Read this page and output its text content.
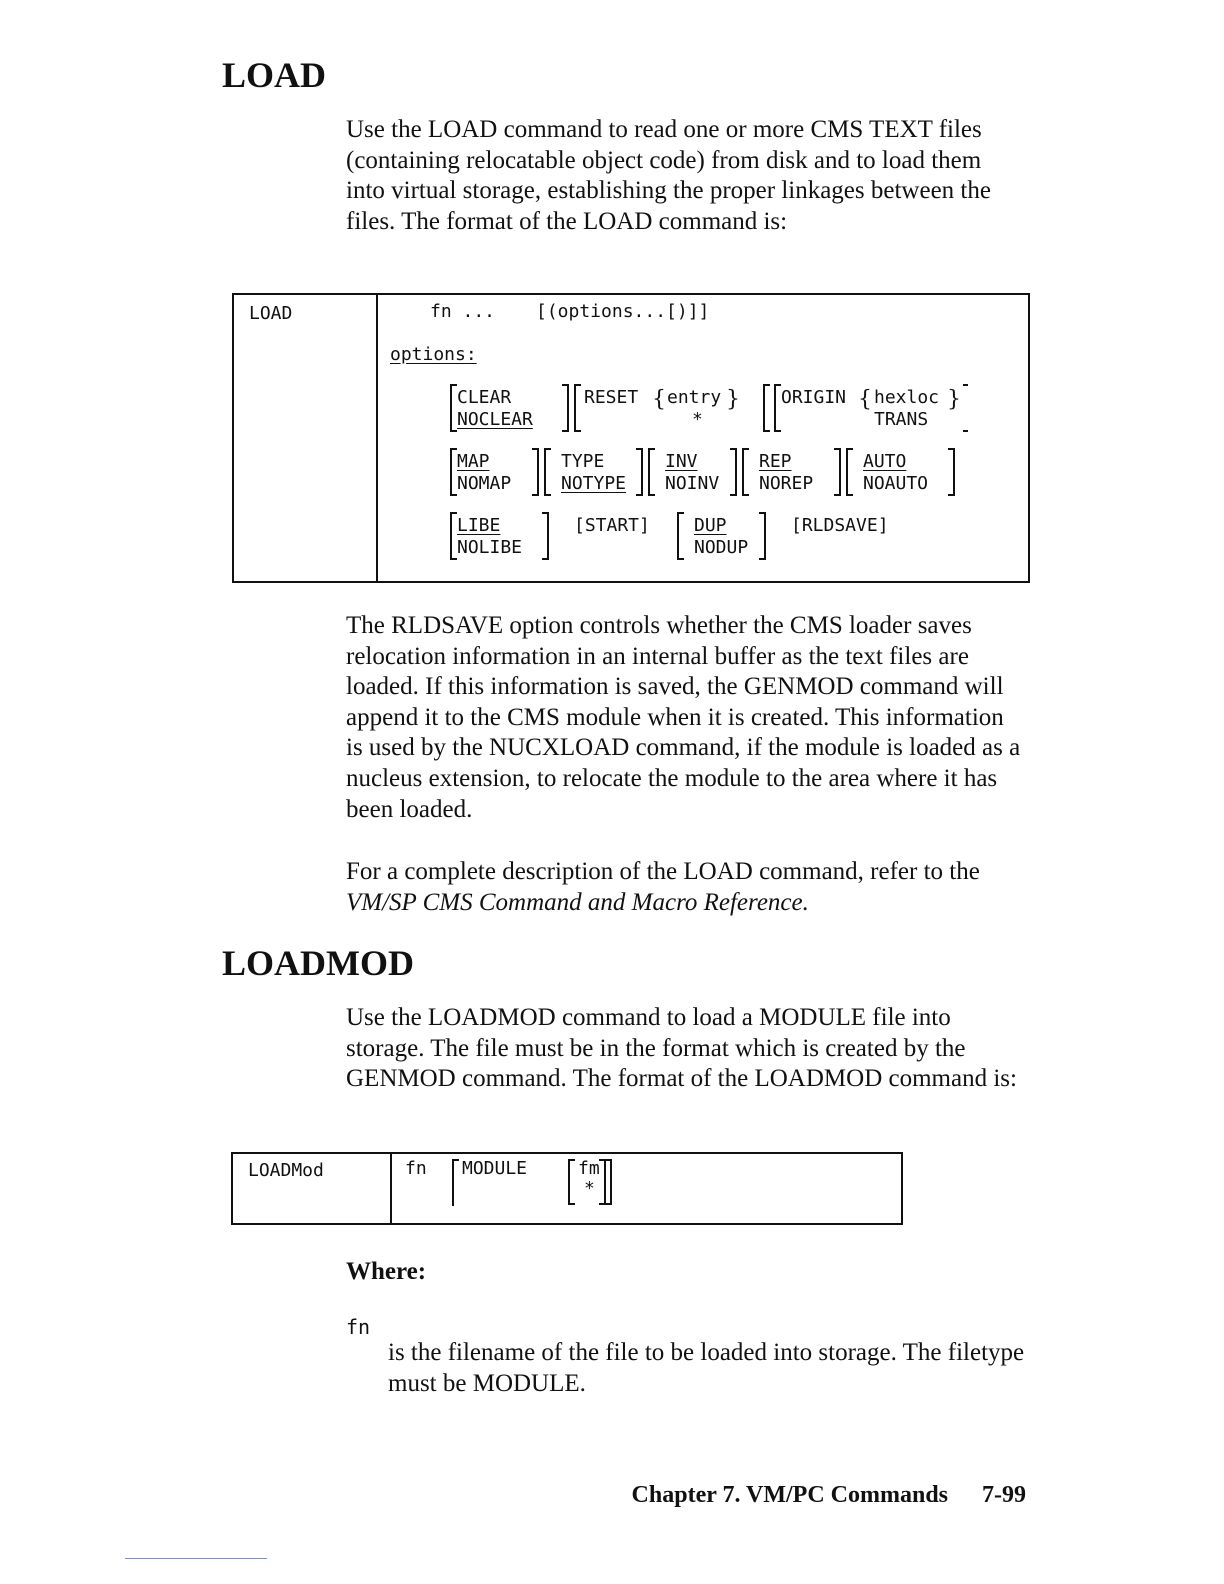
LOAD

Use the LOAD command to read one or more CMS TEXT files (containing relocatable object code) from disk and to load them into virtual storage, establishing the proper linkages between the files. The format of the LOAD command is:

LOAD	fn ... [(options...[)]]
options:
CLEAR
NOCLEAR
RESET { entry
*
} ORIGIN { hexloc
TRANS
}
MAP
NOMAP
TYPE
NOTYPE
INV
NOINV
REP
NOREP
AUTO
NOAUTO
LIBE
NOLIBE
[START] DUP
NODUP
[RLDSAVE]

The RLDSAVE option controls whether the CMS loader saves relocation information in an internal buffer as the text files are loaded. If this information is saved, the GENMOD command will append it to the CMS module when it is created. This information is used by the NUCXLOAD command, if the module is loaded as a nucleus extension, to relocate the module to the area where it has been loaded.

For a complete description of the LOAD command, refer to the VM/SP CMS Command and Macro Reference.

LOADMOD

Use the LOADMOD command to load a MODULE file into storage. The file must be in the format which is created by the GENMOD command. The format of the LOADMOD command is:

LOADMod	fn MODULE	fm
*
Where:
fn

is the filename of the file to be loaded into storage. The filetype must be MODULE.

Chapter 7. VM/PC Commands 7-99
